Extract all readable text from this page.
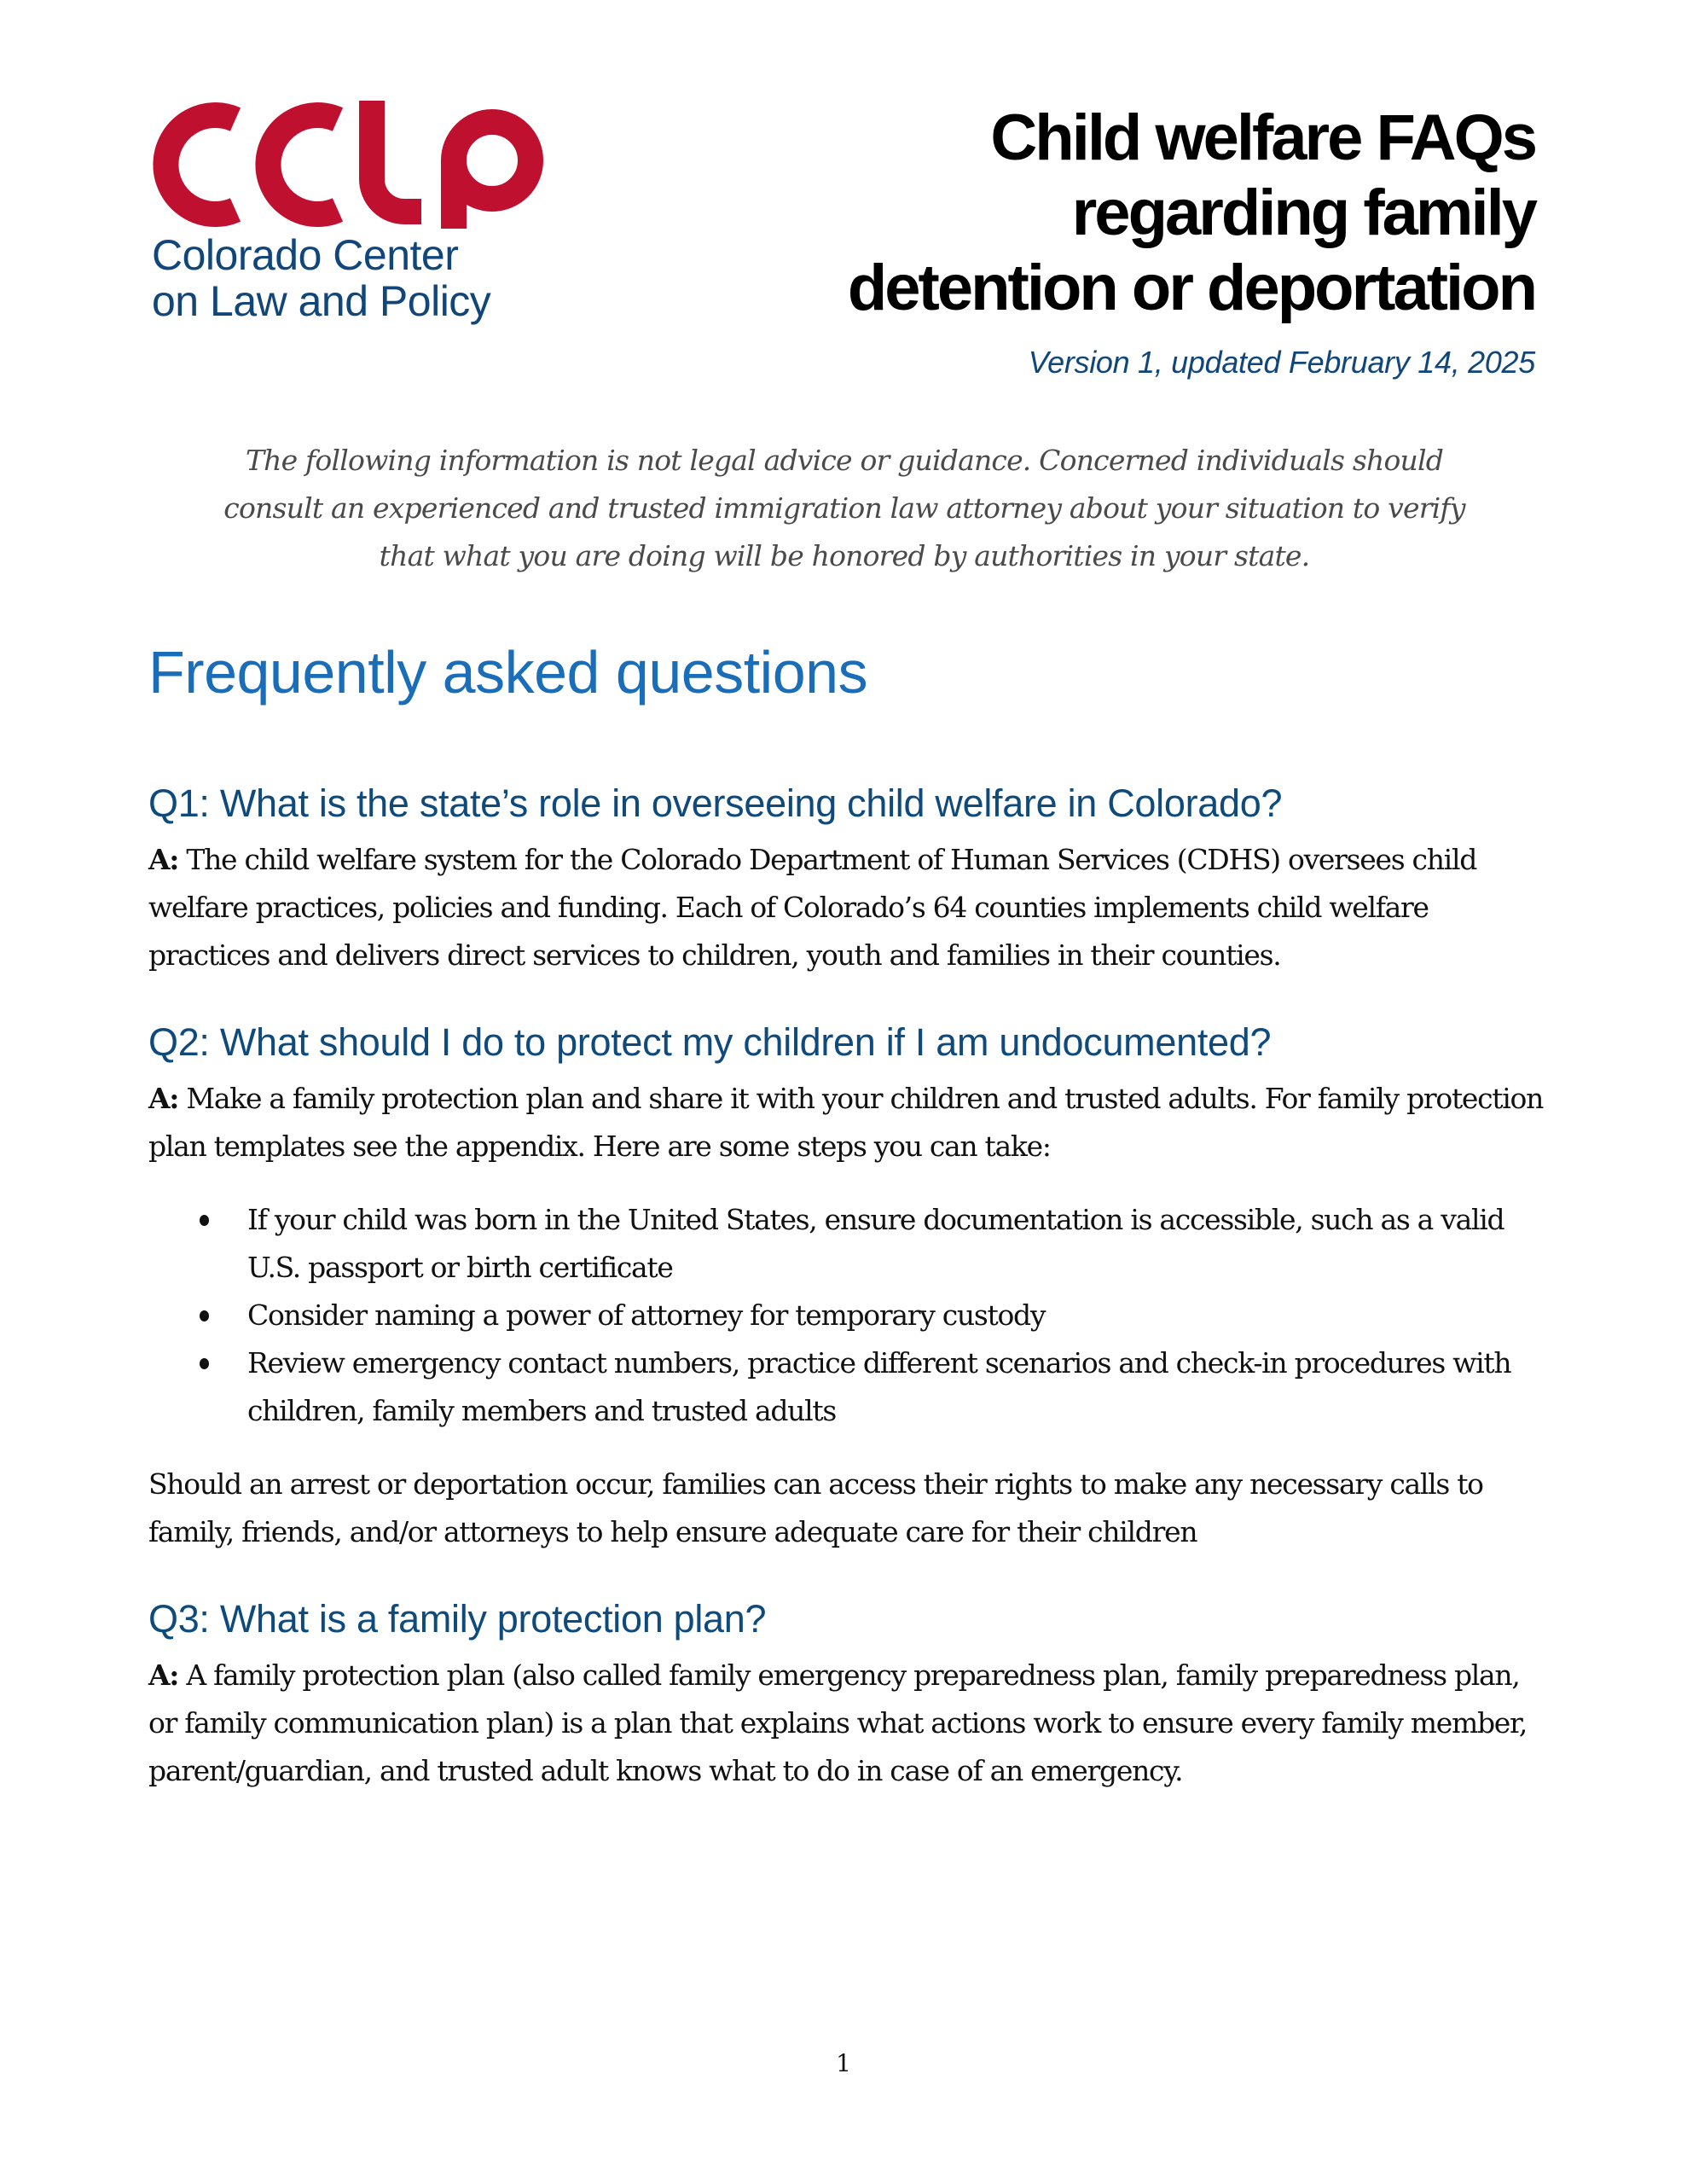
Colorado Center
on Law and Policy
Child welfare FAQs
regarding family
detention or deportation
Version 1, updated February 14, 2025
The following information is not legal advice or guidance. Concerned individuals should
consult an experienced and trusted immigration law attorney about your situation to verify
that what you are doing will be honored by authorities in your state.
Frequently asked questions
Q1: What is the state’s role in overseeing child welfare in Colorado?

A: The child welfare system for the Colorado Department of Human Services (CDHS) oversees child welfare practices, policies and funding. Each of Colorado’s 64 counties implements child welfare practices and delivers direct services to children, youth and families in their counties.

Q2: What should I do to protect my children if I am undocumented?

A: Make a family protection plan and share it with your children and trusted adults. For family protection plan templates see the appendix. Here are some steps you can take:

If your child was born in the United States, ensure documentation is accessible, such as a valid U.S. passport or birth certificate
Consider naming a power of attorney for temporary custody
Review emergency contact numbers, practice different scenarios and check-in procedures with children, family members and trusted adults

Should an arrest or deportation occur, families can access their rights to make any necessary calls to family, friends, and/or attorneys to help ensure adequate care for their children

Q3: What is a family protection plan?

A: A family protection plan (also called family emergency preparedness plan, family preparedness plan, or family communication plan) is a plan that explains what actions work to ensure every family member, parent/guardian, and trusted adult knows what to do in case of an emergency.

1
